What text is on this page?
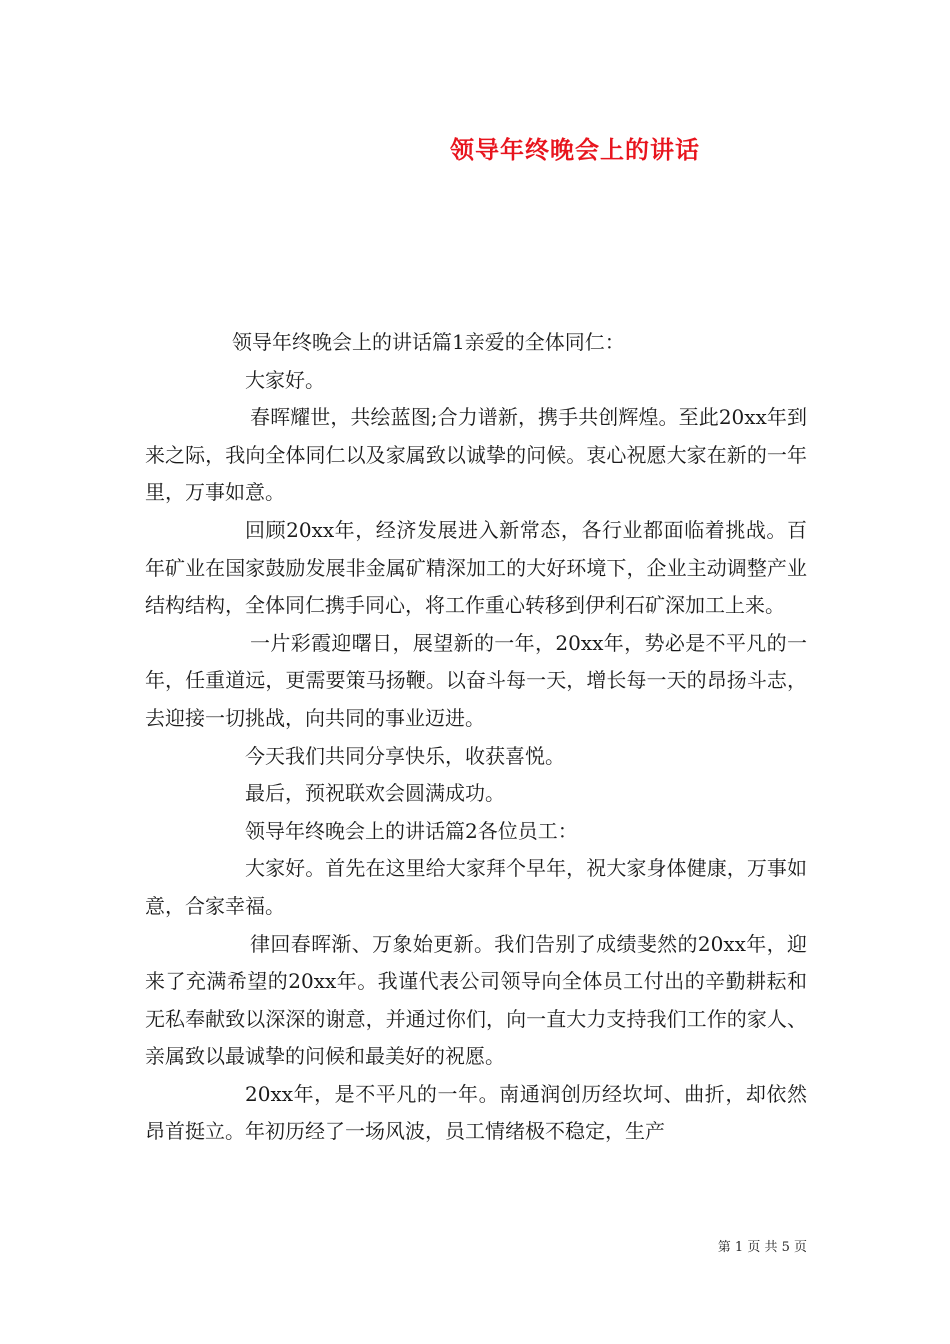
领导年终晚会上的讲话

领导年终晚会上的讲话篇1亲爱的全体同仁：

大家好。

春晖耀世，共绘蓝图;合力谱新，携手共创辉煌。至此20xx年到来之际，我向全体同仁以及家属致以诚挚的问候。衷心祝愿大家在新的一年里，万事如意。

回顾20xx年，经济发展进入新常态，各行业都面临着挑战。百年矿业在国家鼓励发展非金属矿精深加工的大好环境下，企业主动调整产业结构结构，全体同仁携手同心，将工作重心转移到伊利石矿深加工上来。

一片彩霞迎曙日，展望新的一年，20xx年，势必是不平凡的一年，任重道远，更需要策马扬鞭。以奋斗每一天，增长每一天的昂扬斗志，去迎接一切挑战，向共同的事业迈进。

今天我们共同分享快乐，收获喜悦。

最后，预祝联欢会圆满成功。

领导年终晚会上的讲话篇2各位员工：

大家好。首先在这里给大家拜个早年，祝大家身体健康，万事如意，合家幸福。

律回春晖渐、万象始更新。我们告别了成绩斐然的20xx年，迎来了充满希望的20xx年。我谨代表公司领导向全体员工付出的辛勤耕耘和无私奉献致以深深的谢意，并通过你们，向一直大力支持我们工作的家人、亲属致以最诚挚的问候和最美好的祝愿。

20xx年，是不平凡的一年。南通润创历经坎坷、曲折，却依然昂首挺立。年初历经了一场风波，员工情绪极不稳定，生产

第 1 页 共 5 页
